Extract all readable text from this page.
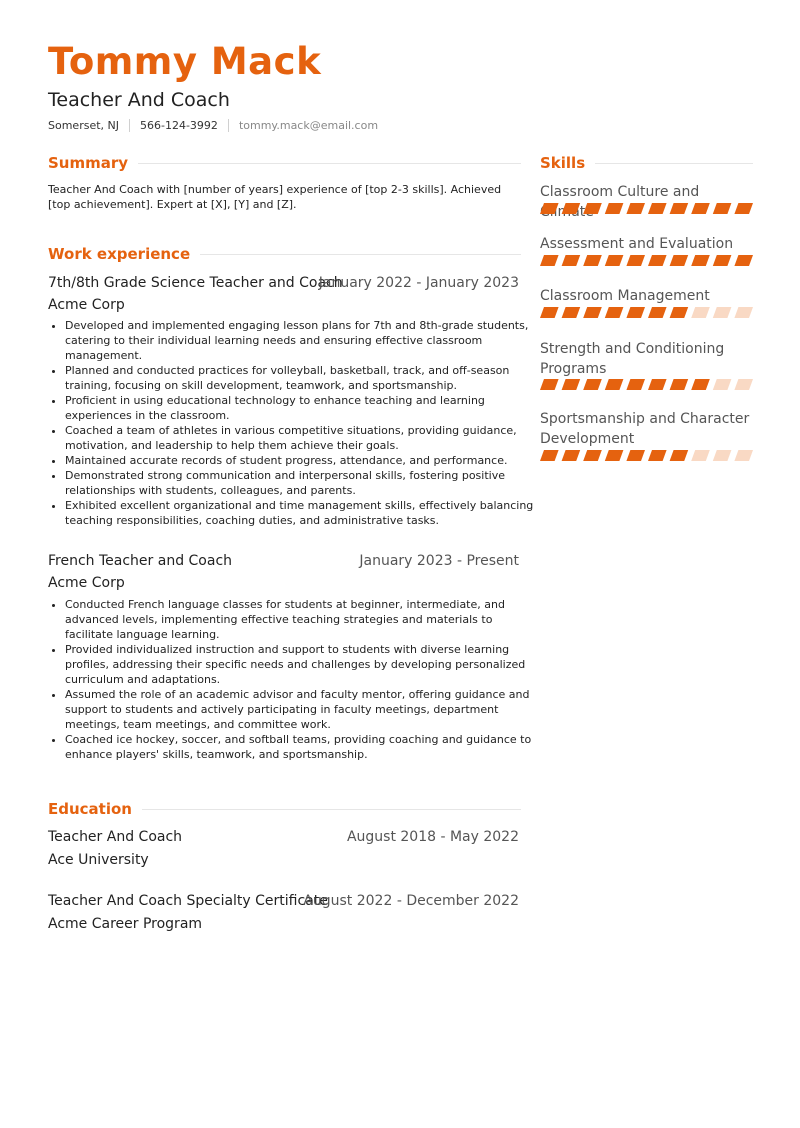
Tommy Mack
Teacher And Coach
Somerset, NJ 566-124-3992 tommy.mack@email.com
Summary
Teacher And Coach with [number of years] experience of [top 2-3 skills]. Achieved [top achievement]. Expert at [X], [Y] and [Z].
Work experience
7th/8th Grade Science Teacher and Coach
January 2022 - January 2023
Acme Corp
• Developed and implemented engaging lesson plans for 7th and 8th-grade students, catering to their individual learning needs and ensuring effective classroom management.
• Planned and conducted practices for volleyball, basketball, track, and off-season training, focusing on skill development, teamwork, and sportsmanship.
• Proficient in using educational technology to enhance teaching and learning experiences in the classroom.
• Coached a team of athletes in various competitive situations, providing guidance, motivation, and leadership to help them achieve their goals.
• Maintained accurate records of student progress, attendance, and performance.
• Demonstrated strong communication and interpersonal skills, fostering positive relationships with students, colleagues, and parents.
• Exhibited excellent organizational and time management skills, effectively balancing teaching responsibilities, coaching duties, and administrative tasks.
French Teacher and Coach	January 2023 - Present
Acme Corp
• Conducted French language classes for students at beginner, intermediate, and advanced levels, implementing effective teaching strategies and materials to facilitate language learning.
• Provided individualized instruction and support to students with diverse learning profiles, addressing their specific needs and challenges by developing personalized curriculum and adaptations.
• Assumed the role of an academic advisor and faculty mentor, offering guidance and support to students and actively participating in faculty meetings, department meetings, team meetings, and committee work.
• Coached ice hockey, soccer, and softball teams, providing coaching and guidance to enhance players' skills, teamwork, and sportsmanship.
Education
Teacher And Coach	August 2018 - May 2022
Ace University
Teacher And Coach Specialty Certificate
August 2022 - December 2022
Acme Career Program
Skills
Classroom Culture and
Assessment and Evaluation
Classroom Management
Strength and Conditioning Programs
Sportsmanship and Character Development
